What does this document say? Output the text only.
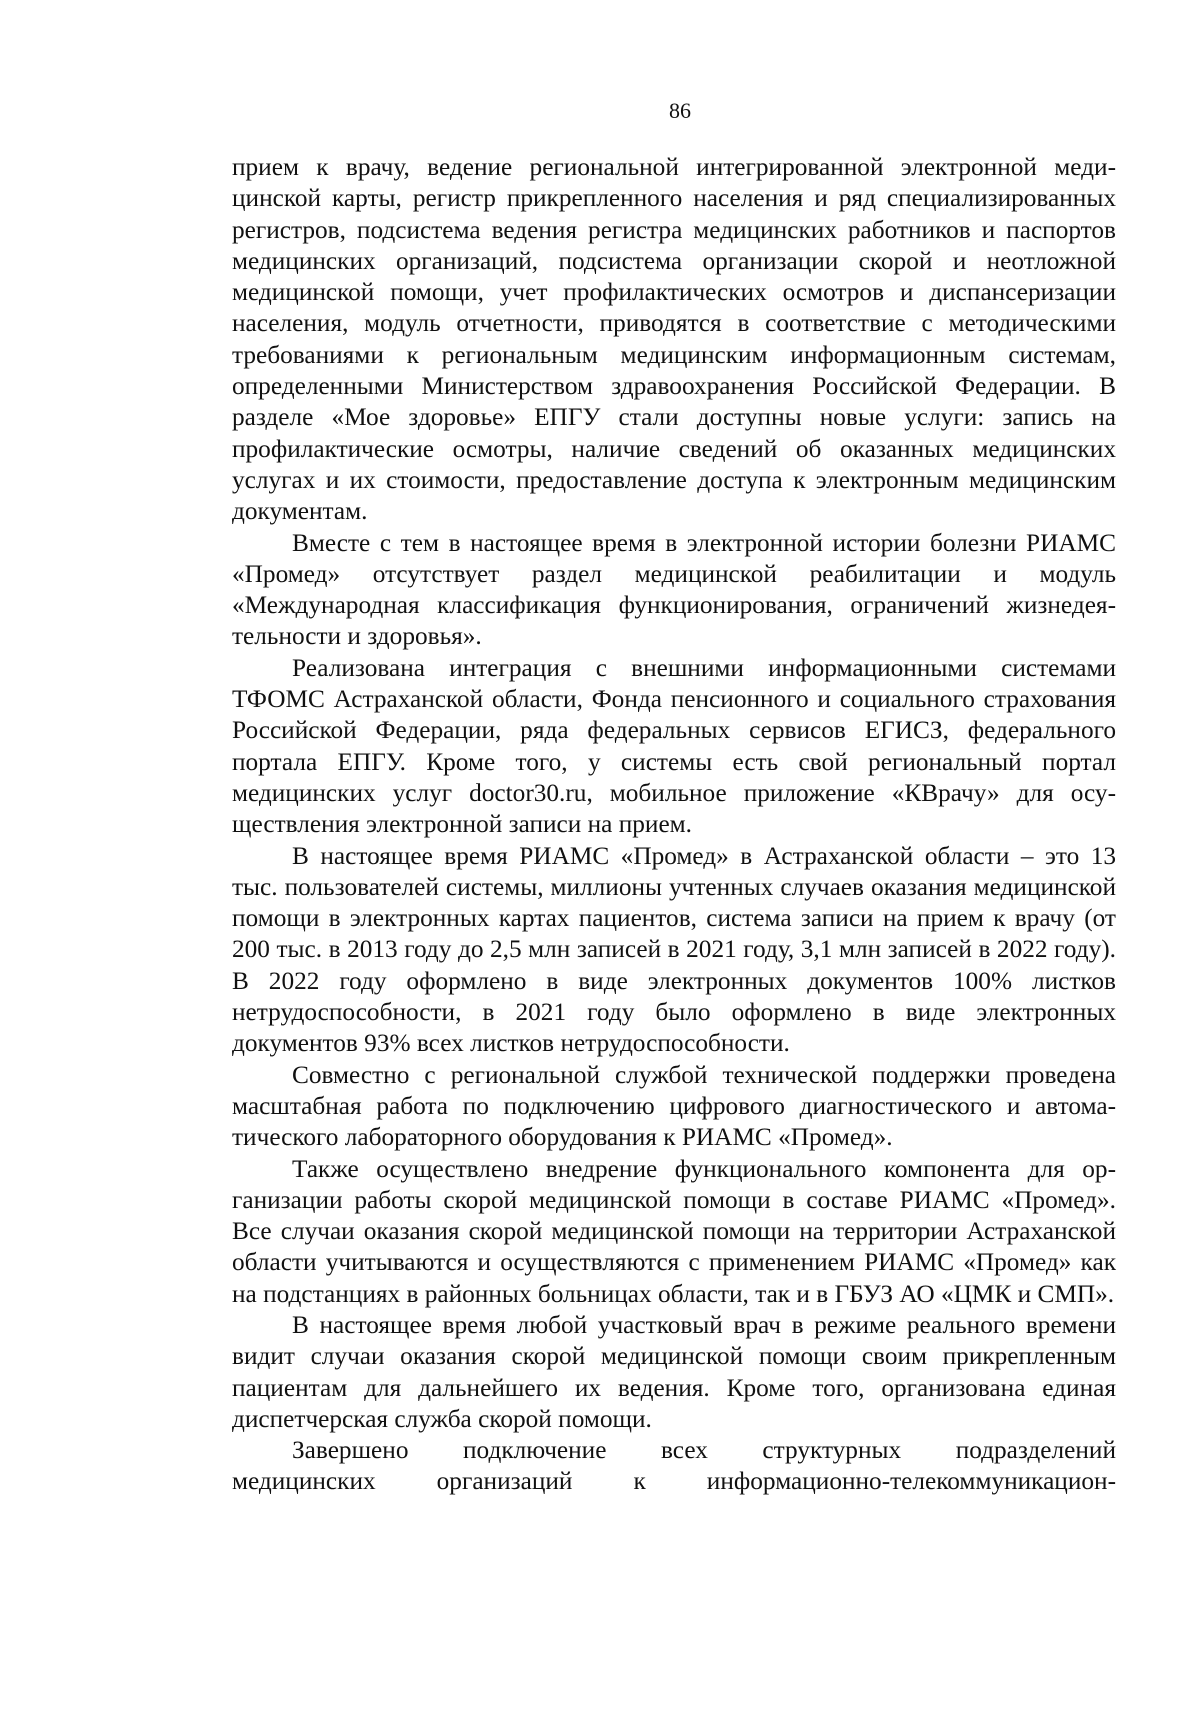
86

прием к врачу, ведение региональной интегрированной электронной медицинской карты, регистр прикрепленного населения и ряд специализированных регистров, подсистема ведения регистра медицинских работников и паспортов медицинских организаций, подсистема организации скорой и неотложной медицинской помощи, учет профилактических осмотров и диспансеризации населения, модуль отчетности, приводятся в соответствие с методическими требованиями к региональным медицинским информационным системам, определенными Министерством здравоохранения Российской Федерации. В разделе «Мое здоровье» ЕПГУ стали доступны новые услуги: запись на профилактические осмотры, наличие сведений об оказанных медицинских услугах и их стоимости, предоставление доступа к электронным медицинским документам.

Вместе с тем в настоящее время в электронной истории болезни РИАМС «Промед» отсутствует раздел медицинской реабилитации и модуль «Международная классификация функционирования, ограничений жизнедеятельности и здоровья».

Реализована интеграция с внешними информационными системами ТФОМС Астраханской области, Фонда пенсионного и социального страхования Российской Федерации, ряда федеральных сервисов ЕГИСЗ, федерального портала ЕПГУ. Кроме того, у системы есть свой региональный портал медицинских услуг doctor30.ru, мобильное приложение «КВрачу» для осуществления электронной записи на прием.

В настоящее время РИАМС «Промед» в Астраханской области – это 13 тыс. пользователей системы, миллионы учтенных случаев оказания медицинской помощи в электронных картах пациентов, система записи на прием к врачу (от 200 тыс. в 2013 году до 2,5 млн записей в 2021 году, 3,1 млн записей в 2022 году). В 2022 году оформлено в виде электронных документов 100% листков нетрудоспособности, в 2021 году было оформлено в виде электронных документов 93% всех листков нетрудоспособности.

Совместно с региональной службой технической поддержки проведена масштабная работа по подключению цифрового диагностического и автоматического лабораторного оборудования к РИАМС «Промед».

Также осуществлено внедрение функционального компонента для организации работы скорой медицинской помощи в составе РИАМС «Промед». Все случаи оказания скорой медицинской помощи на территории Астраханской области учитываются и осуществляются с применением РИАМС «Промед» как на подстанциях в районных больницах области, так и в ГБУЗ АО «ЦМК и СМП».

В настоящее время любой участковый врач в режиме реального времени видит случаи оказания скорой медицинской помощи своим прикрепленным пациентам для дальнейшего их ведения. Кроме того, организована единая диспетчерская служба скорой помощи.

Завершено подключение всех структурных подразделений
медицинских организаций к информационно-телекоммуникацион-
